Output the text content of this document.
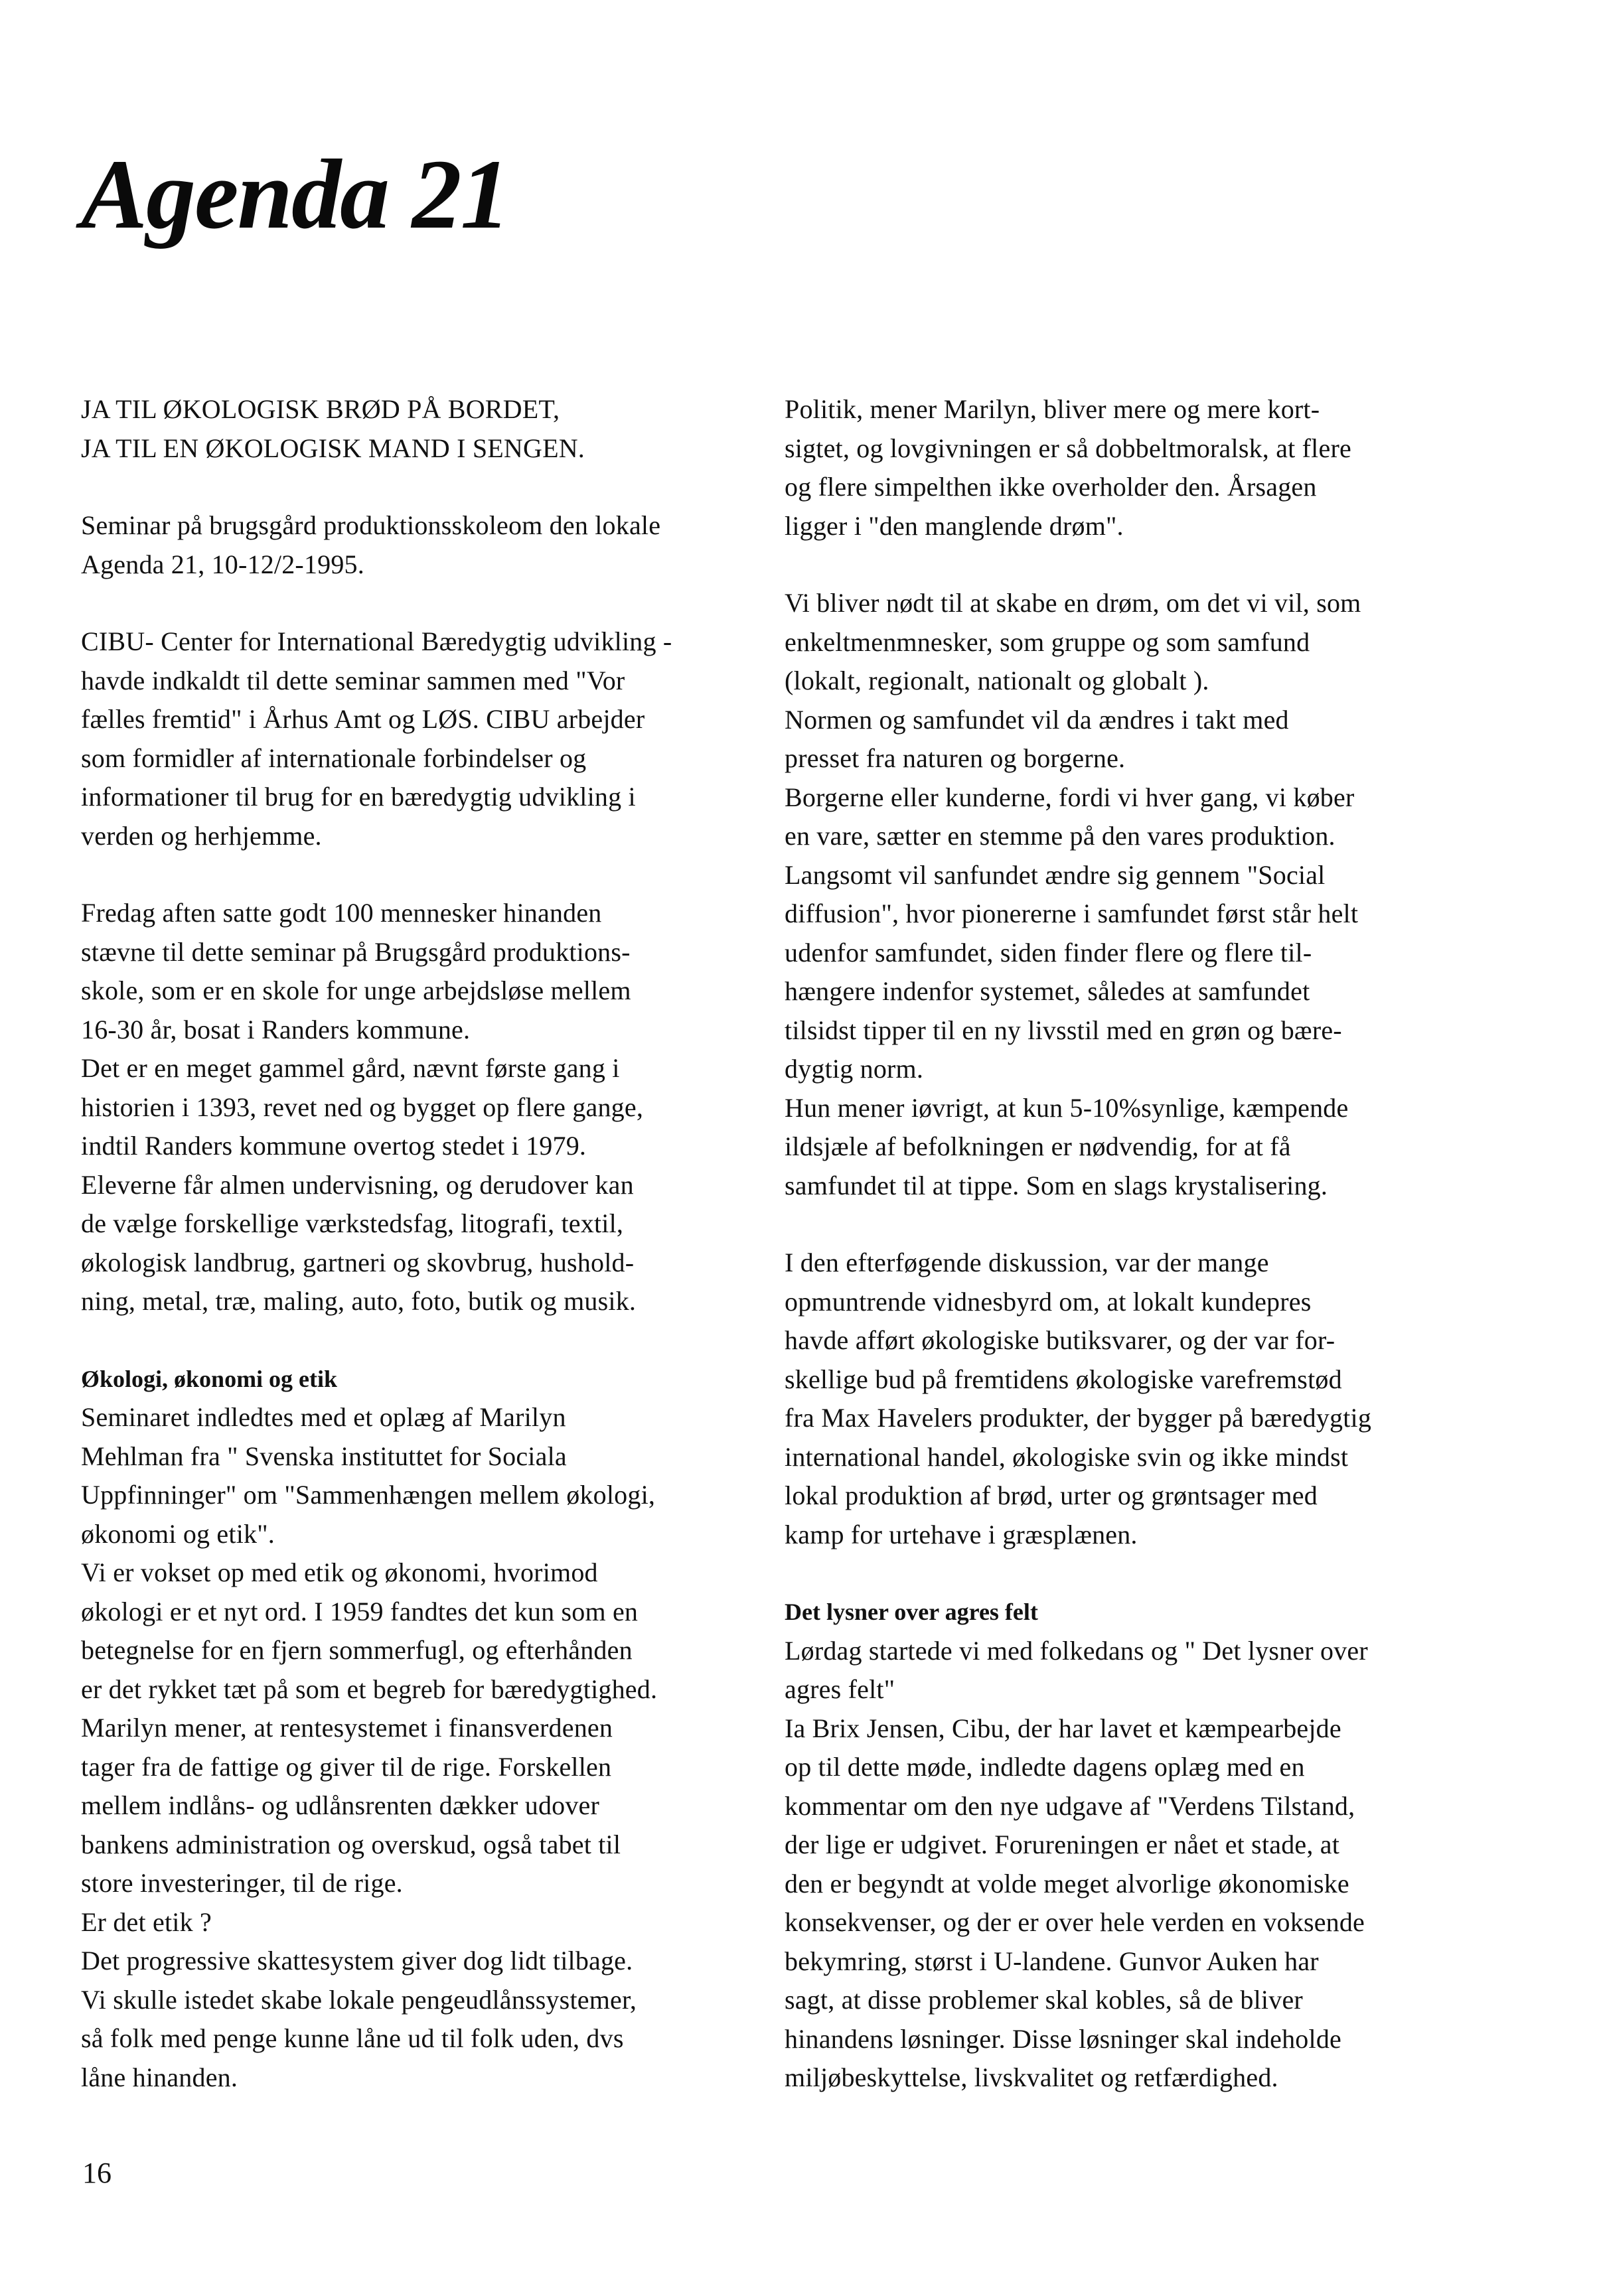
Agenda 21

JA TIL ØKOLOGISK BRØD PÅ BORDET,
JA TIL EN ØKOLOGISK MAND I SENGEN.

Seminar på brugsgård produktionsskoleom den lokale
Agenda 21, 10-12/2-1995.

CIBU- Center for International Bæredygtig udvikling -
havde indkaldt til dette seminar sammen med "Vor
fælles fremtid" i Århus Amt og LØS. CIBU arbejder
som formidler af internationale forbindelser og
informationer til brug for en bæredygtig udvikling i
verden og herhjemme.

Fredag aften satte godt 100 mennesker hinanden
stævne til dette seminar på Brugsgård produktions-
skole, som er en skole for unge arbejdsløse mellem
16-30 år, bosat i Randers kommune.

Det er en meget gammel gård, nævnt første gang i
historien i 1393, revet ned og bygget op flere gange,
indtil Randers kommune overtog stedet i 1979.

Eleverne får almen undervisning, og derudover kan
de vælge forskellige værkstedsfag, litografi, textil,
økologisk landbrug, gartneri og skovbrug, hushold-
ning, metal, træ, maling, auto, foto, butik og musik.

Økologi, økonomi og etik

Seminaret indledtes med et oplæg af Marilyn
Mehlman fra " Svenska instituttet for Sociala
Uppfinninger" om "Sammenhængen mellem økologi,
økonomi og etik".

Vi er vokset op med etik og økonomi, hvorimod
økologi er et nyt ord. I 1959 fandtes det kun som en
betegnelse for en fjern sommerfugl, og efterhånden
er det rykket tæt på som et begreb for bæredygtighed.

Marilyn mener, at rentesystemet i finansverdenen
tager fra de fattige og giver til de rige. Forskellen
mellem indlåns- og udlånsrenten dækker udover
bankens administration og overskud, også tabet til
store investeringer, til de rige.

Er det etik ?

Det progressive skattesystem giver dog lidt tilbage.

Vi skulle istedet skabe lokale pengeudlånssystemer,
så folk med penge kunne låne ud til folk uden, dvs
låne hinanden.

Politik, mener Marilyn, bliver mere og mere kort-
sigtet, og lovgivningen er så dobbeltmoralsk, at flere
og flere simpelthen ikke overholder den. Årsagen
ligger i "den manglende drøm".

Vi bliver nødt til at skabe en drøm, om det vi vil, som
enkeltmenmnesker, som gruppe og som samfund
(lokalt, regionalt, nationalt og globalt ).

Normen og samfundet vil da ændres i takt med
presset fra naturen og borgerne.

Borgerne eller kunderne, fordi vi hver gang, vi køber
en vare, sætter en stemme på den vares produktion.

Langsomt vil sanfundet ændre sig gennem "Social
diffusion", hvor pionererne i samfundet først står helt
udenfor samfundet, siden finder flere og flere til-
hængere indenfor systemet, således at samfundet
tilsidst tipper til en ny livsstil med en grøn og bære-
dygtig norm.

Hun mener iøvrigt, at kun 5-10%synlige, kæmpende
ildsjæle af befolkningen er nødvendig, for at få
samfundet til at tippe. Som en slags krystalisering.

I den efterføgende diskussion, var der mange
opmuntrende vidnesbyrd om, at lokalt kundepres
havde afført økologiske butiksvarer, og der var for-
skellige bud på fremtidens økologiske varefremstød
fra Max Havelers produkter, der bygger på bæredygtig
international handel, økologiske svin og ikke mindst
lokal produktion af brød, urter og grøntsager med
kamp for urtehave i græsplænen.

Det lysner over agres felt

Lørdag startede vi med folkedans og " Det lysner over
agres felt"

Ia Brix Jensen, Cibu, der har lavet et kæmpearbejde
op til dette møde, indledte dagens oplæg med en
kommentar om den nye udgave af "Verdens Tilstand,
der lige er udgivet. Forureningen er nået et stade, at
den er begyndt at volde meget alvorlige økonomiske
konsekvenser, og der er over hele verden en voksende
bekymring, størst i U-landene. Gunvor Auken har
sagt, at disse problemer skal kobles, så de bliver
hinandens løsninger. Disse løsninger skal indeholde
miljøbeskyttelse, livskvalitet og retfærdighed.

16
